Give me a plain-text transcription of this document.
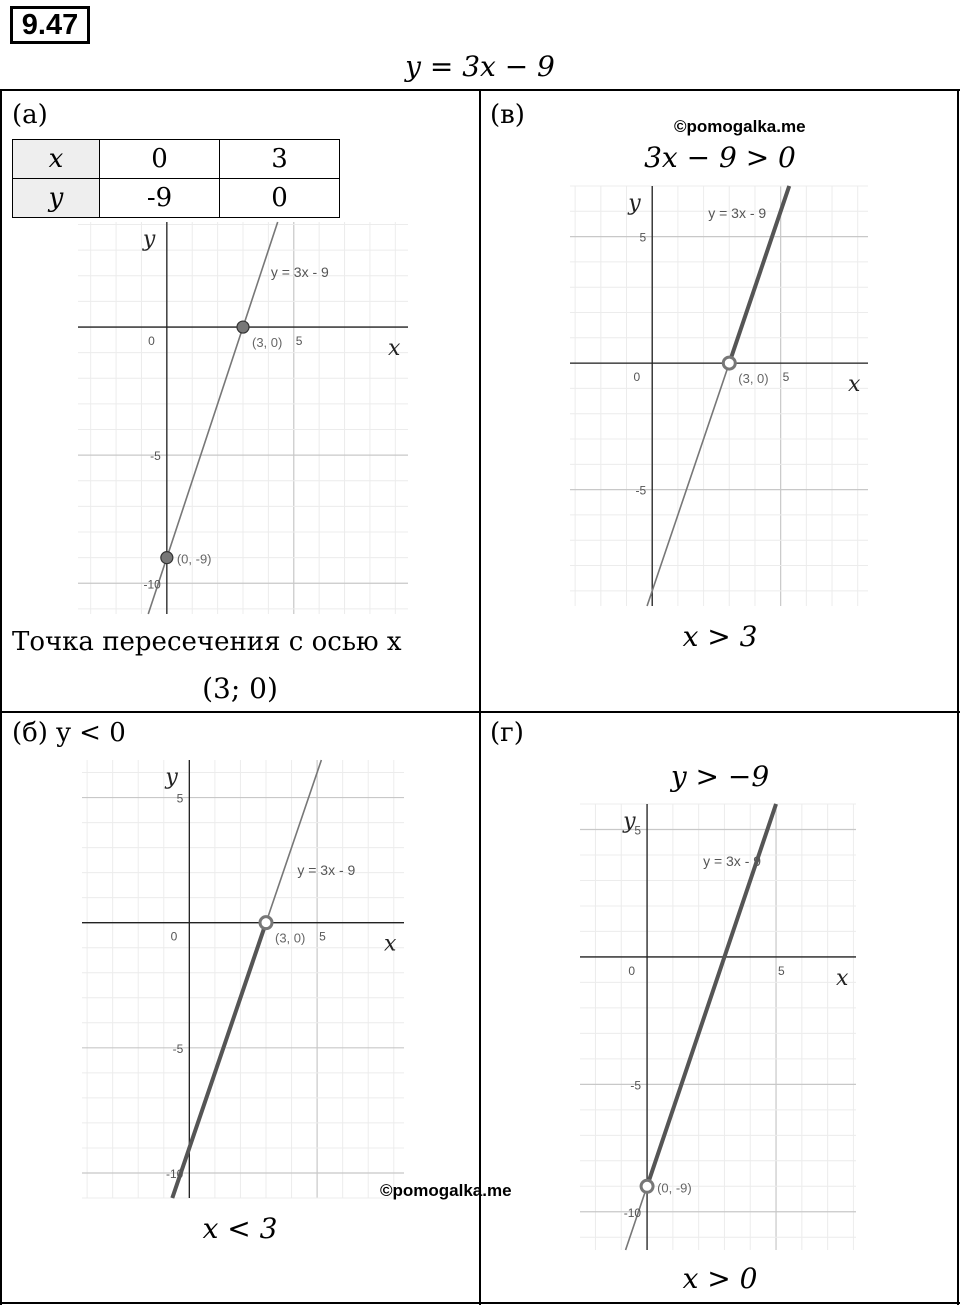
9.47
y = 3x − 9
(а)
x	0	3
y	-9	0
5
-5
-10
0	x
y
y = 3x - 9
(3, 0)
(0, -9)
Точка пересечения с осью x
(3; 0)
(в)	©pomogalka.me
3x − 9 > 0
5
5
-5
0	x
y	y = 3x - 9
(3, 0)
x > 3
(б) y < 0
5
5
-5
-10
0	x
y
y = 3x - 9
(3, 0)
©pomogalka.me
x < 3
(г)
y > −9
5
5
-5
-10
0	x
y
y = 3x - 9
(0, -9)
x > 0
